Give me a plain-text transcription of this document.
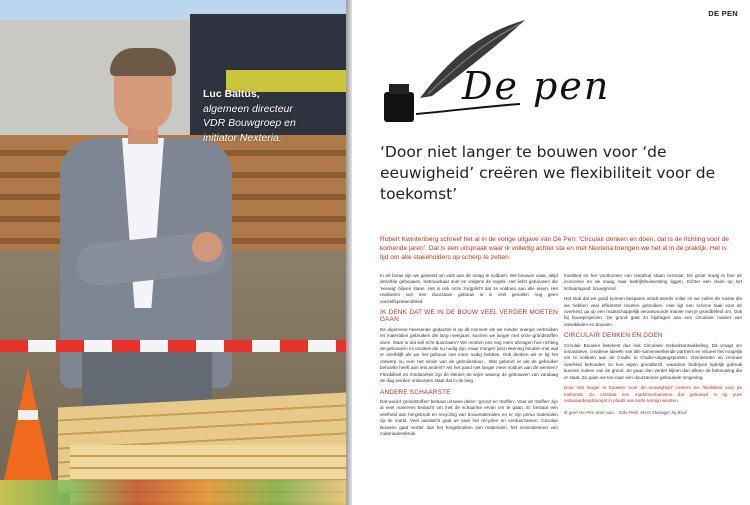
Luc Baltus,
algemeen directeur
VDR Bouwgroep en
initiator Nexteria.
DE PEN
De pen
‘Door niet langer te bouwen voor ‘de eeuwigheid’ creëren we flexibiliteit voor de toekomst’
Robert Kwintenberg schreef het al in de vorige uitgave van De Pen: ‘Circulair denken en doen, dat is de richting voor de komende jaren’. Dat is een uitspraak waar ik volledig achter sta en met Nexteria brengen we het al in de praktijk. Het is tijd om álle stakeholders op scherp te zetten.

In de bouw zijn we gewend om vast aan de vraag te voldoen. We bouwen vaak, altijd dezelfde gebouwen, betrouwbaar snel en volgens de regels. Het liefst gebouwen die 'eeuwig' blijven staan. Het is ook onze zorgplicht dat ze voldoen aan alle eisen. Het realiseren van een duurzaam gebouw is in veel gevallen nog geen vanzelfsprekendheid.

IK DENK DAT WE IN DE BOUW VEEL VERDER MOETEN GAAN

De algemene heersende gedachte is op dit moment als we minder energie verbruiken en materialen gebruiken die lang meegaan, kunnen we langer met onze grondstoffen doen. Maar is dat wel echt duurzaam? We moeten ons nog meer afvragen hoe richting de gebouwen en locaties die nu nodig zijn, maar morgen juist rekening houden met wat er overblijft als we het gebouw niet meer nodig hebben. Ook denken we er bij het ontwerp nu over het einde van de gebruiksduur... Wat gebeurt er als de gebruiker behoefte heeft aan iets anders? Als het pand niet langer meer voldoet aan de wensen? Flexibiliteit en modulariteit zijn de sleutel, de wijze waarop de gebouwen van vandaag de dag worden ontworpen staat dat in de weg.

ANDERE SCHAARSTE

Dat woord 'grondstoffen' bestaat uit twee delen: 'grond' en 'stoffen'. Voor de 'stoffen' zijn al veel manieren bedacht om met de schaarste ervan om te gaan. Er bestaat een veelheid aan hergebruik en recycling van bouwmaterialen en er zijn prima materialen op de markt. Veel aandacht gaat uit naar het recyclen en verduurzamen. Circulair Bouwen gaat verder dan het hergebruiken van materialen, het minimaliseren van materiaalverbruik.

Kwaliteit en het voorkomen van restafval staan centraal. De grote vraag is hoe de economie en de vraag naar bedrijfshuisvesting liggen. Echter een claim op het schaarsgoed: bouwgrond.

Het stuk dat we goed kunnen besparen wordt steeds voller en we zullen de ruimte die we hebben veel efficiënter moeten gebruiken. Hier ligt een schone taak voor de overheid, ga op een maatschappelijk verantwoorde manier met je grondbeleid om. Ook bij bouwprojecten. De grond gaat zo bijdragen aan een circulaire manier van ontwikkelen en bouwen.

CIRCULAIR DENKEN EN DOEN

Circulair Bouwen betekent dus ook Circulaire Gebiedsontwikkeling. Dit vraagt om innovatieve, creatieve ideeën van alle samenwerkende partners en visueel het mogelijk om te voldoen aan de Cradle to Cradle-uitgangspunten. Gemeenten en centrale overheid behouden zo hun eigen grondbezit, waardoor bedrijven tijdelijk gebruik kunnen maken van de grond. Ze gaan dan verder kijken dan alleen de bebouwing die er staat. Zo gaan we toe naar een duurzamere gebouwde omgeving.

Door niet langer te bouwen 'voor de eeuwigheid' creëren we flexibiliteit voor de toekomst. Zo ontstaat een marktmechanisme dat gebouwd is op pure restwaardeopbrengst in plaats van korte termijn winsten.

Ik geef De Pen door aan... Edu Peet, MVO Manager bij Bruil
